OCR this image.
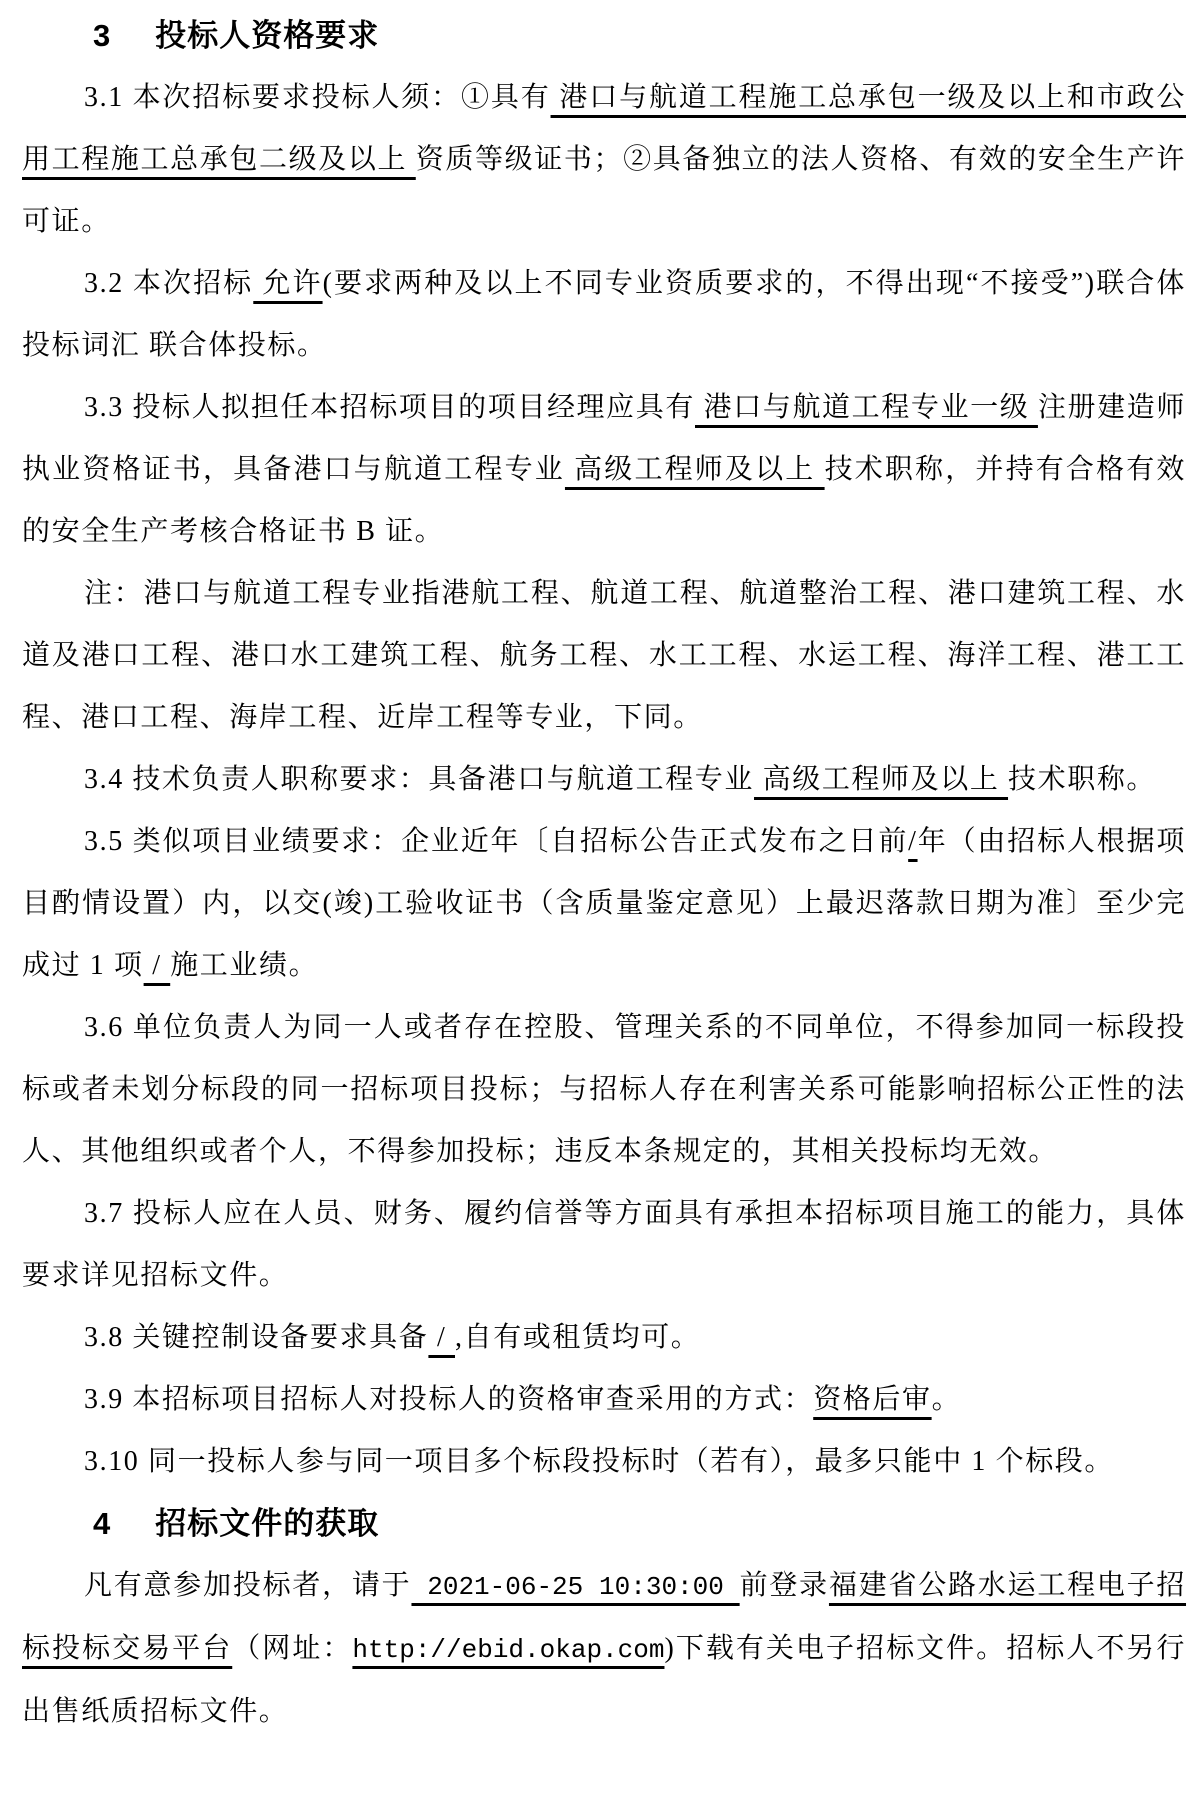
3 投标人资格要求

3.1 本次招标要求投标人须：①具有 港口与航道工程施工总承包一级及以上和市政公用工程施工总承包二级及以上 资质等级证书；②具备独立的法人资格、有效的安全生产许可证。

3.2 本次招标 允许(要求两种及以上不同专业资质要求的，不得出现“不接受”)联合体投标词汇 联合体投标。

3.3 投标人拟担任本招标项目的项目经理应具有 港口与航道工程专业一级 注册建造师执业资格证书，具备港口与航道工程专业 高级工程师及以上 技术职称，并持有合格有效的安全生产考核合格证书 B 证。

注：港口与航道工程专业指港航工程、航道工程、航道整治工程、港口建筑工程、水道及港口工程、港口水工建筑工程、航务工程、水工工程、水运工程、海洋工程、港工工程、港口工程、海岸工程、近岸工程等专业，下同。

3.4 技术负责人职称要求：具备港口与航道工程专业 高级工程师及以上 技术职称。

3.5 类似项目业绩要求：企业近年〔自招标公告正式发布之日前/年（由招标人根据项目酌情设置）内，以交(竣)工验收证书（含质量鉴定意见）上最迟落款日期为准〕至少完成过 1 项 / 施工业绩。

3.6 单位负责人为同一人或者存在控股、管理关系的不同单位，不得参加同一标段投标或者未划分标段的同一招标项目投标；与招标人存在利害关系可能影响招标公正性的法人、其他组织或者个人，不得参加投标；违反本条规定的，其相关投标均无效。

3.7 投标人应在人员、财务、履约信誉等方面具有承担本招标项目施工的能力，具体要求详见招标文件。

3.8 关键控制设备要求具备 / ,自有或租赁均可。

3.9 本招标项目招标人对投标人的资格审查采用的方式：资格后审。

3.10 同一投标人参与同一项目多个标段投标时（若有），最多只能中 1 个标段。

4 招标文件的获取

凡有意参加投标者，请于 2021-06-25 10:30:00 前登录福建省公路水运工程电子招标投标交易平台（网址：http://ebid.okap.com)下载有关电子招标文件。招标人不另行出售纸质招标文件。
